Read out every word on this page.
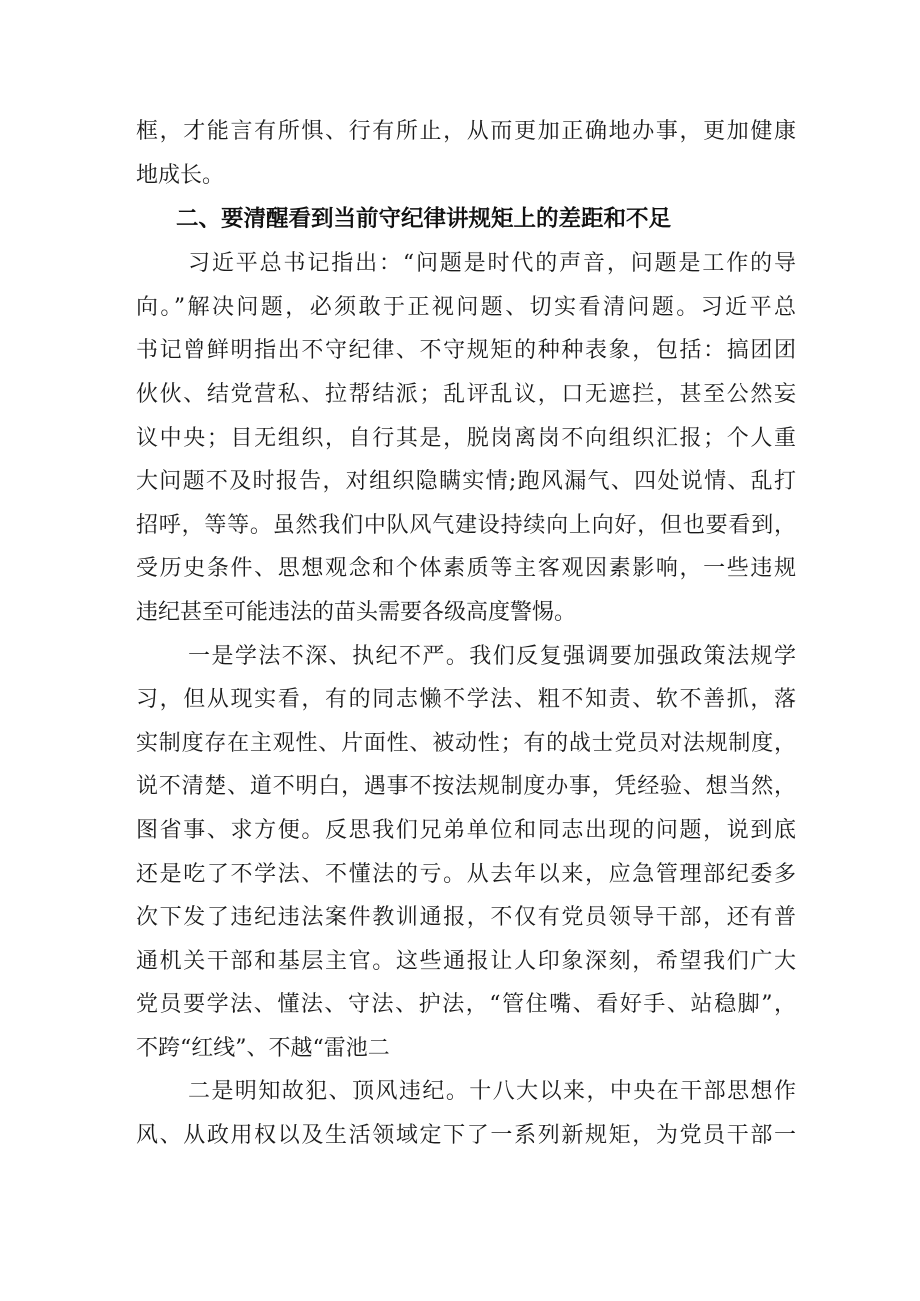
框，才能言有所惧、行有所止，从而更加正确地办事，更加健康
地成长。
二、要清醒看到当前守纪律讲规矩上的差距和不足
习近平总书记指出：“问题是时代的声音，问题是工作的导
向。”解决问题，必须敢于正视问题、切实看清问题。习近平总
书记曾鲜明指出不守纪律、不守规矩的种种表象，包括：搞团团
伙伙、结党营私、拉帮结派；乱评乱议，口无遮拦，甚至公然妄
议中央；目无组织，自行其是，脱岗离岗不向组织汇报；个人重
大问题不及时报告，对组织隐瞒实情;跑风漏气、四处说情、乱打
招呼，等等。虽然我们中队风气建设持续向上向好，但也要看到，
受历史条件、思想观念和个体素质等主客观因素影响，一些违规
违纪甚至可能违法的苗头需要各级高度警惕。
一是学法不深、执纪不严。我们反复强调要加强政策法规学
习，但从现实看，有的同志懒不学法、粗不知责、软不善抓，落
实制度存在主观性、片面性、被动性；有的战士党员对法规制度，
说不清楚、道不明白，遇事不按法规制度办事，凭经验、想当然，
图省事、求方便。反思我们兄弟单位和同志出现的问题，说到底
还是吃了不学法、不懂法的亏。从去年以来，应急管理部纪委多
次下发了违纪违法案件教训通报，不仅有党员领导干部，还有普
通机关干部和基层主官。这些通报让人印象深刻，希望我们广大
党员要学法、懂法、守法、护法，“管住嘴、看好手、站稳脚”，
不跨“红线”、不越“雷池二
二是明知故犯、顶风违纪。十八大以来，中央在干部思想作
风、从政用权以及生活领域定下了一系列新规矩，为党员干部一
